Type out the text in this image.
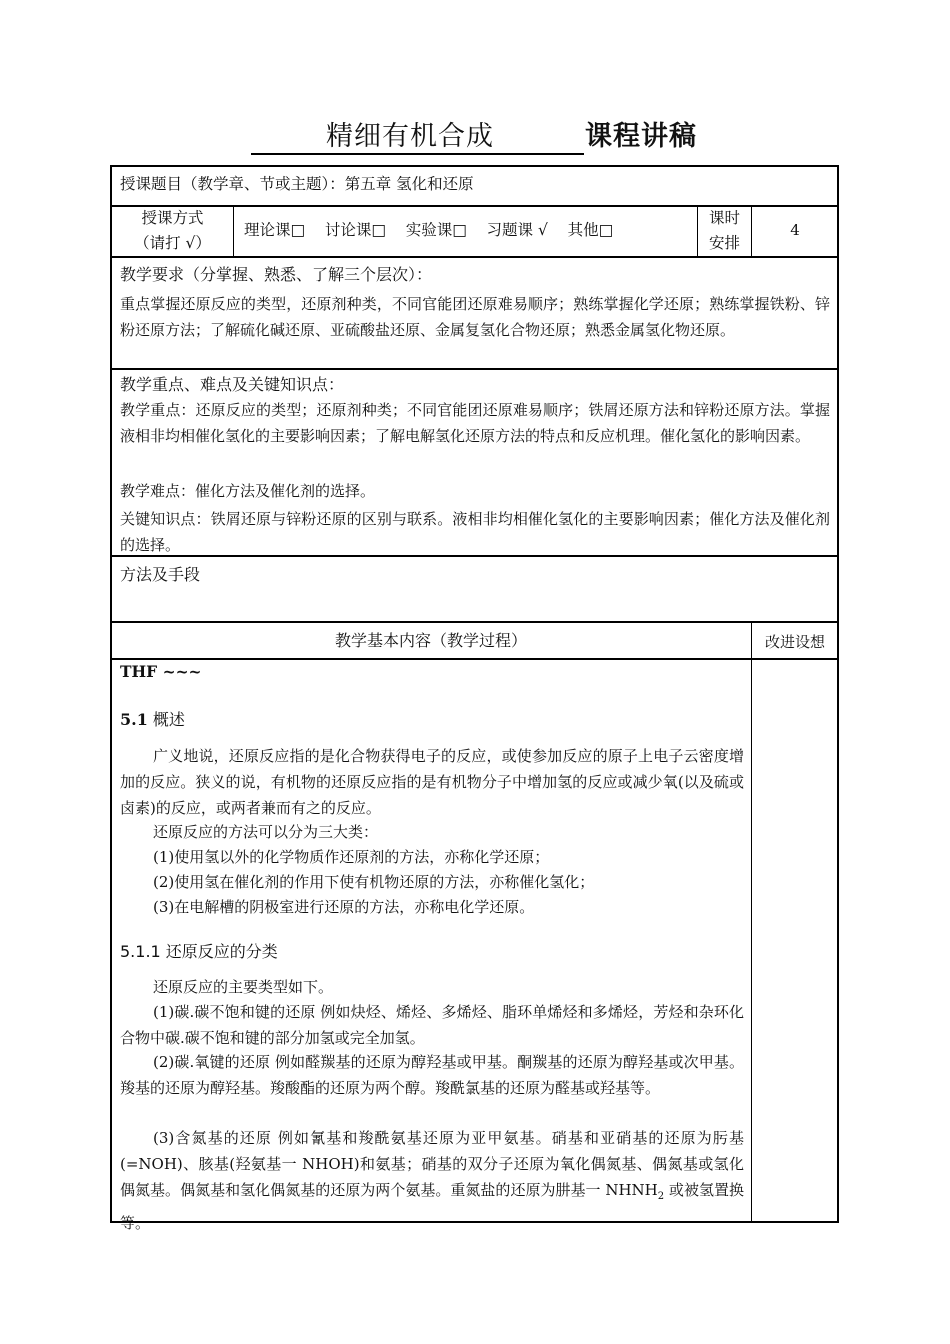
精细有机合成	课程讲稿
授课题目（教学章、节或主题）：第五章 氢化和还原
授课方式
（请打 √）
理论课□    讨论课□    实验课□    习题课 √    其他□
课时
安排
4
教学要求（分掌握、熟悉、了解三个层次）：
重点掌握还原反应的类型，还原剂种类，不同官能团还原难易顺序；熟练掌握化学还原；熟练掌握铁粉、锌粉还原方法；了解硫化碱还原、亚硫酸盐还原、金属复氢化合物还原；熟悉金属氢化物还原。
教学重点、难点及关键知识点：
教学重点：还原反应的类型；还原剂种类；不同官能团还原难易顺序；铁屑还原方法和锌粉还原方法。掌握液相非均相催化氢化的主要影响因素；了解电解氢化还原方法的特点和反应机理。催化氢化的影响因素。
教学难点：催化方法及催化剂的选择。
关键知识点：铁屑还原与锌粉还原的区别与联系。液相非均相催化氢化的主要影响因素；催化方法及催化剂的选择。
方法及手段
教学基本内容（教学过程）	改进设想
THF ~~~
5.1 概述
广义地说，还原反应指的是化合物获得电子的反应，或使参加反应的原子上电子云密度增加的反应。狭义的说，有机物的还原反应指的是有机物分子中增加氢的反应或减少氧(以及硫或卤素)的反应，或两者兼而有之的反应。
还原反应的方法可以分为三大类：
(1)使用氢以外的化学物质作还原剂的方法，亦称化学还原；
(2)使用氢在催化剂的作用下使有机物还原的方法，亦称催化氢化；
(3)在电解槽的阴极室进行还原的方法，亦称电化学还原。
5.1.1 还原反应的分类
还原反应的主要类型如下。
(1)碳.碳不饱和键的还原 例如炔烃、烯烃、多烯烃、脂环单烯烃和多烯烃，芳烃和杂环化合物中碳.碳不饱和键的部分加氢或完全加氢。
(2)碳.氧键的还原 例如醛羰基的还原为醇羟基或甲基。酮羰基的还原为醇羟基或次甲基。羧基的还原为醇羟基。羧酸酯的还原为两个醇。羧酰氯基的还原为醛基或羟基等。
(3)含氮基的还原 例如氰基和羧酰氨基还原为亚甲氨基。硝基和亚硝基的还原为肟基(=NOH)、胲基(羟氨基一 NHOH)和氨基；硝基的双分子还原为氧化偶氮基、偶氮基或氢化偶氮基。偶氮基和氢化偶氮基的还原为两个氨基。重氮盐的还原为肼基一 $NHNH_2$ 或被氢置换等。
